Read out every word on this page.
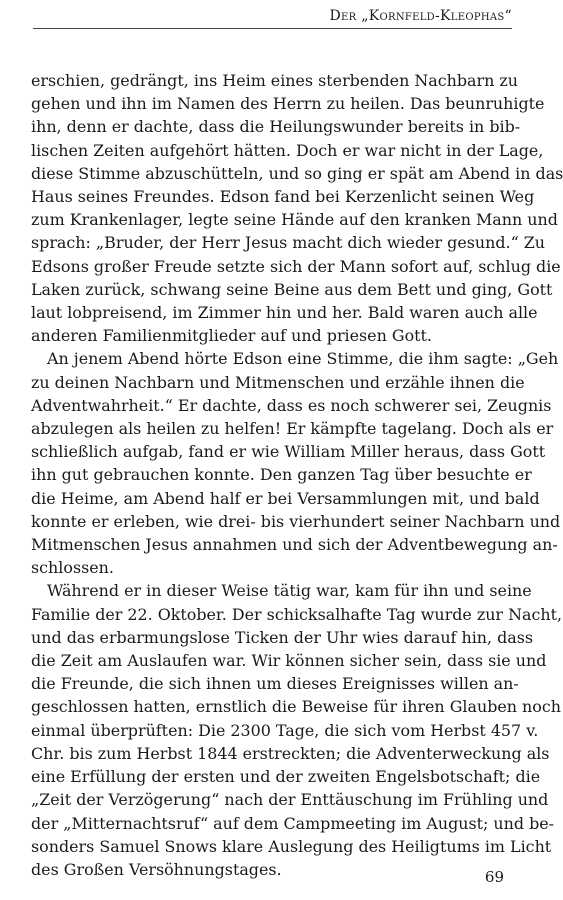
Der „Kornfeld-Kleophas“

erschien, gedrängt, ins Heim eines sterbenden Nachbarn zu
gehen und ihn im Namen des Herrn zu heilen. Das beunruhigte
ihn, denn er dachte, dass die Heilungswunder bereits in bib-
lischen Zeiten aufgehört hätten. Doch er war nicht in der Lage,
diese Stimme abzuschütteln, und so ging er spät am Abend in das
Haus seines Freundes. Edson fand bei Kerzenlicht seinen Weg
zum Krankenlager, legte seine Hände auf den kranken Mann und
sprach: „Bruder, der Herr Jesus macht dich wieder gesund.“ Zu
Edsons großer Freude setzte sich der Mann sofort auf, schlug die
Laken zurück, schwang seine Beine aus dem Bett und ging, Gott
laut lobpreisend, im Zimmer hin und her. Bald waren auch alle
anderen Familienmitglieder auf und priesen Gott.

An jenem Abend hörte Edson eine Stimme, die ihm sagte: „Geh
zu deinen Nachbarn und Mitmenschen und erzähle ihnen die
Adventwahrheit.“ Er dachte, dass es noch schwerer sei, Zeugnis
abzulegen als heilen zu helfen! Er kämpfte tagelang. Doch als er
schließlich aufgab, fand er wie William Miller heraus, dass Gott
ihn gut gebrauchen konnte. Den ganzen Tag über besuchte er
die Heime, am Abend half er bei Versammlungen mit, und bald
konnte er erleben, wie drei- bis vierhundert seiner Nachbarn und
Mitmenschen Jesus annahmen und sich der Adventbewegung an-
schlossen.

Während er in dieser Weise tätig war, kam für ihn und seine
Familie der 22. Oktober. Der schicksalhafte Tag wurde zur Nacht,
und das erbarmungslose Ticken der Uhr wies darauf hin, dass
die Zeit am Auslaufen war. Wir können sicher sein, dass sie und
die Freunde, die sich ihnen um dieses Ereignisses willen an-
geschlossen hatten, ernstlich die Beweise für ihren Glauben noch
einmal überprüften: Die 2300 Tage, die sich vom Herbst 457 v.
Chr. bis zum Herbst 1844 erstreckten; die Adventerweckung als
eine Erfüllung der ersten und der zweiten Engelsbotschaft; die
„Zeit der Verzögerung“ nach der Enttäuschung im Frühling und
der „Mitternachtsruf“ auf dem Campmeeting im August; und be-
sonders Samuel Snows klare Auslegung des Heiligtums im Licht
des Großen Versöhnungstages.	69
